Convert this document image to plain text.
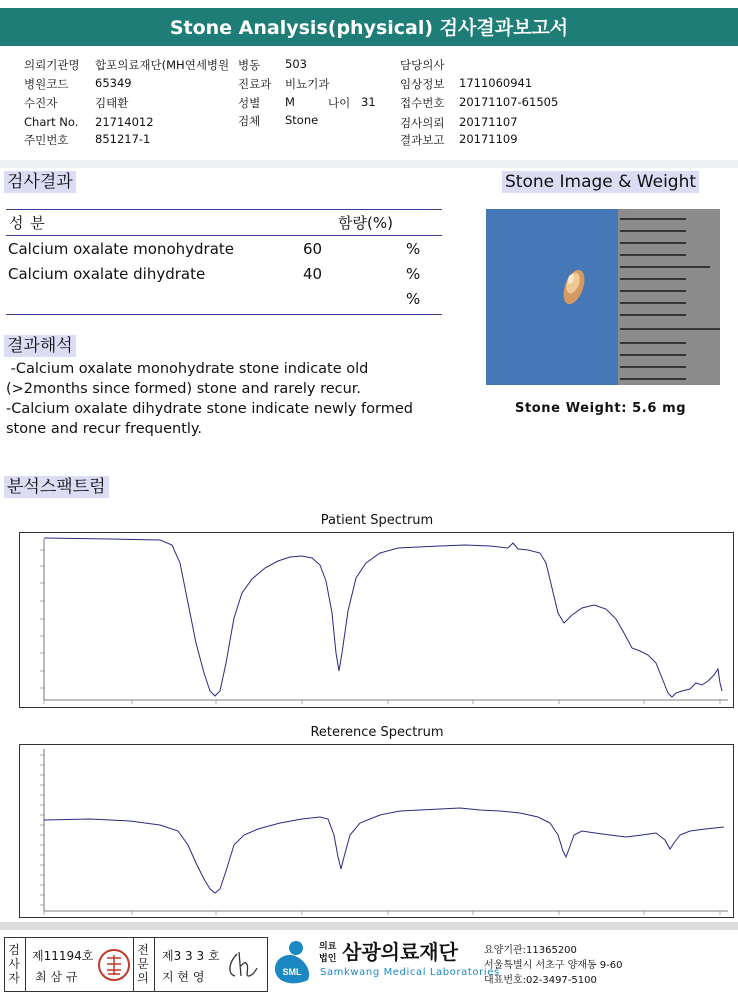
Stone Analysis(physical) 검사결과보고서
의뢰기관명 합포의료재단(MH연세병원 병동 503	담당의사
병원코드 65349	진료과 비뇨기과	임상정보 1711060941
수진자	김태환	성별 M	나이 31 접수번호 20171107-61505
Chart No. 21714012	검체 Stone	검사의뢰 20171107
주민번호 851217-1	결과보고 20171109
검사결과	Stone Image & Weight
성 분	함량(%)
Calcium oxalate monohydrate	60	%
Calcium oxalate dihydrate	40	%
%
Stone Weight: 5.6 mg
결과해석
-Calcium oxalate monohydrate stone indicate old
(>2months since formed) stone and rarely recur.
-Calcium oxalate dihydrate stone indicate newly formed
stone and recur frequently.
분석스팩트럼
Patient Spectrum
Reterence Spectrum
검사자
제11194호
최 삼 규
전문의
제3 3 3 호
지 현 영	SML
의료
법인 삼광의료재단
Samkwang Medical Laboratories
요양기관:11365200
서울특별시 서초구 양재동 9-60
대표번호:02-3497-5100
